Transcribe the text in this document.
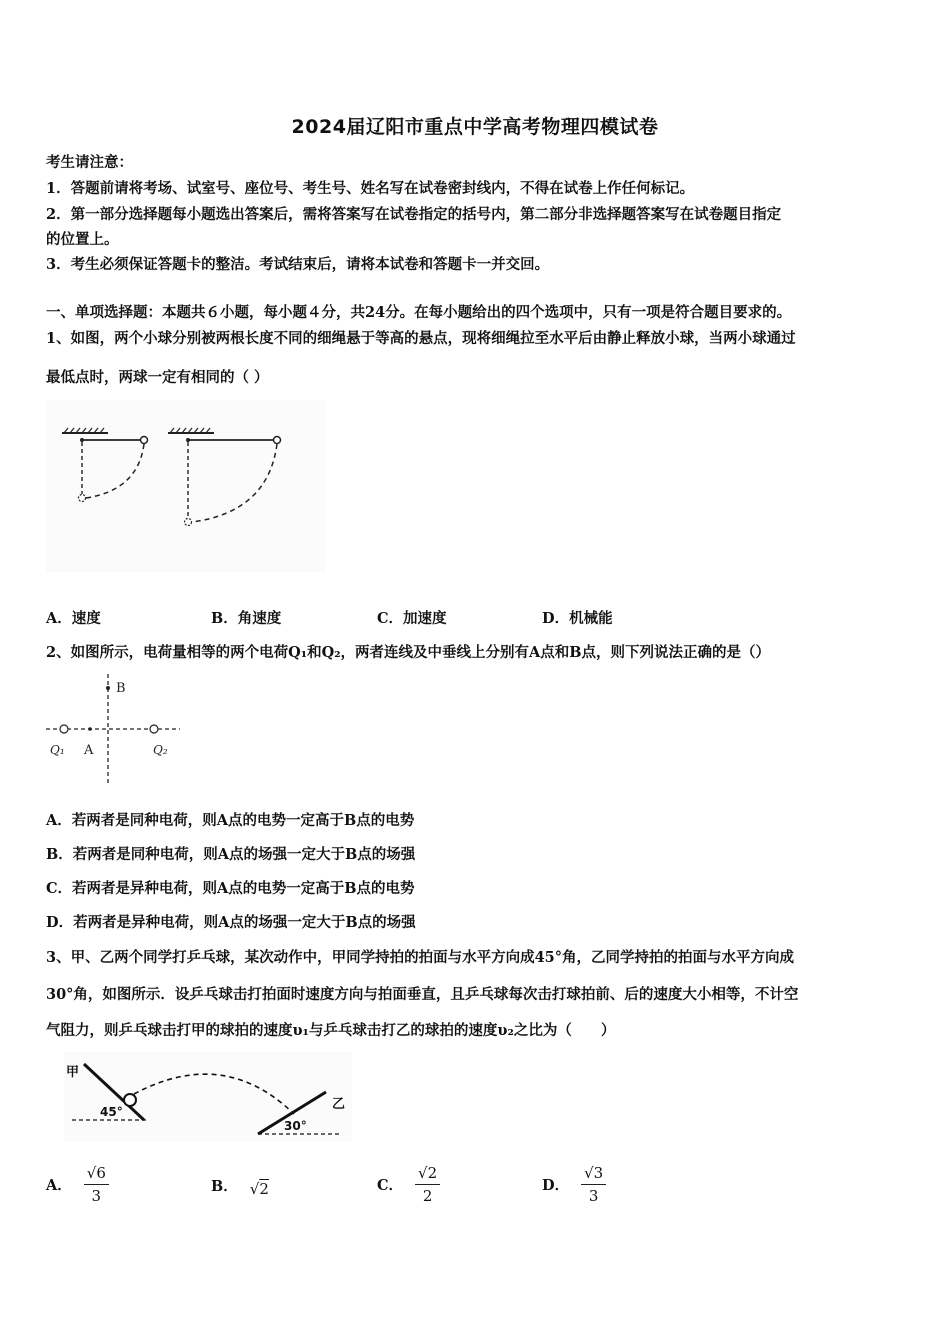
2024届辽阳市重点中学高考物理四模试卷
考生请注意：
1．答题前请将考场、试室号、座位号、考生号、姓名写在试卷密封线内，不得在试卷上作任何标记。
2．第一部分选择题每小题选出答案后，需将答案写在试卷指定的括号内，第二部分非选择题答案写在试卷题目指定
的位置上。
3．考生必须保证答题卡的整洁。考试结束后，请将本试卷和答题卡一并交回。
一、单项选择题：本题共６小题，每小题４分，共24分。在每小题给出的四个选项中，只有一项是符合题目要求的。
1、如图，两个小球分别被两根长度不同的细绳悬于等高的悬点，现将细绳拉至水平后由静止释放小球，当两小球通过
最低点时，两球一定有相同的（ ）
A．速度	B．角速度	C．加速度	D．机械能
2、如图所示，电荷量相等的两个电荷Q₁和Q₂，两者连线及中垂线上分别有A点和B点，则下列说法正确的是（）
B
A
Q₁	Q₂
A．若两者是同种电荷，则A点的电势一定高于B点的电势
B．若两者是同种电荷，则A点的场强一定大于B点的场强
C．若两者是异种电荷，则A点的电势一定高于B点的电势
D．若两者是异种电荷，则A点的场强一定大于B点的场强
3、甲、乙两个同学打乒乓球，某次动作中，甲同学持拍的拍面与水平方向成45°角，乙同学持拍的拍面与水平方向成
30°角，如图所示．设乒乓球击打拍面时速度方向与拍面垂直，且乒乓球每次击打球拍前、后的速度大小相等，不计空
气阻力，则乒乓球击打甲的球拍的速度υ₁与乒乓球击打乙的球拍的速度υ₂之比为（　　）
甲
45°	乙
30°
A． $\frac{√6}{3}$	B． √2	C． $\frac{√2}{2}$	D． $\frac{√3}{3}$
